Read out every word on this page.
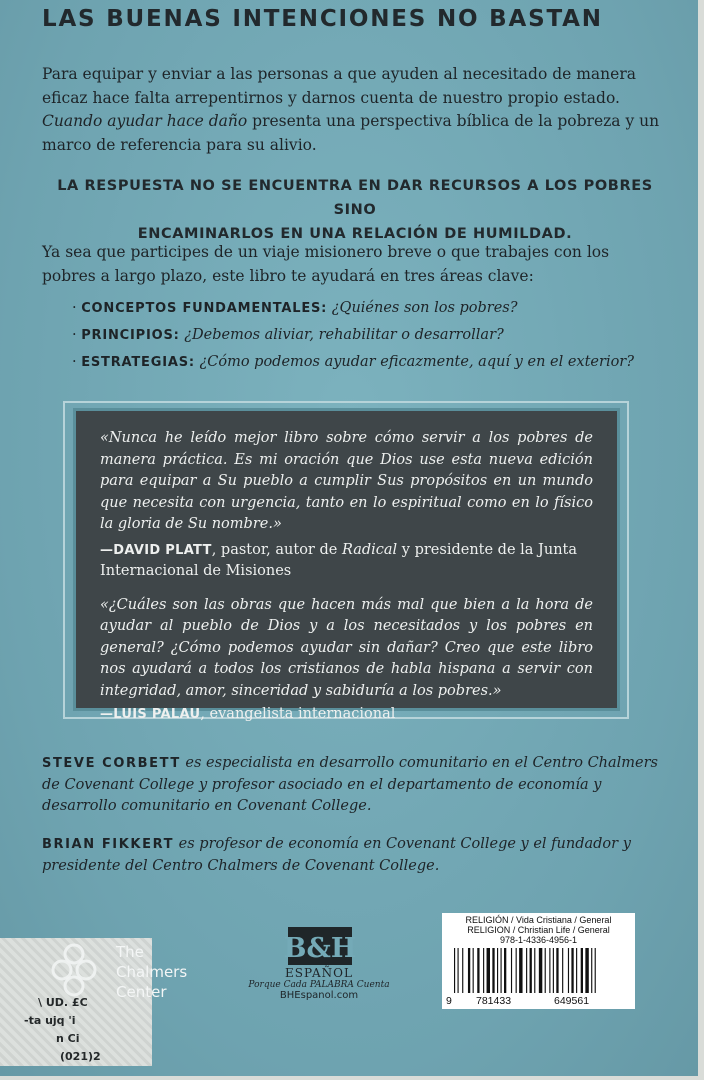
LAS BUENAS INTENCIONES NO BASTAN

Para equipar y enviar a las personas a que ayuden al necesitado de manera eficaz hace falta arrepentirnos y darnos cuenta de nuestro propio estado.
Cuando ayudar hace daño presenta una perspectiva bíblica de la pobreza y un marco de referencia para su alivio.

LA RESPUESTA NO SE ENCUENTRA EN DAR RECURSOS A LOS POBRES SINO
ENCAMINARLOS EN UNA RELACIÓN DE HUMILDAD.

Ya sea que participes de un viaje misionero breve o que trabajes con los pobres a largo plazo, este libro te ayudará en tres áreas clave:

· CONCEPTOS FUNDAMENTALES: ¿Quiénes son los pobres?
· PRINCIPIOS: ¿Debemos aliviar, rehabilitar o desarrollar?
· ESTRATEGIAS: ¿Cómo podemos ayudar eficazmente, aquí y en el exterior?

«Nunca he leído mejor libro sobre cómo servir a los pobres de manera práctica. Es mi oración que Dios use esta nueva edición para equipar a Su pueblo a cumplir Sus propósitos en un mundo que necesita con urgencia, tanto en lo espiritual como en lo físico la gloria de Su nombre.»

—DAVID PLATT, pastor, autor de Radical y presidente de la Junta Internacional de Misiones

«¿Cuáles son las obras que hacen más mal que bien a la hora de ayudar al pueblo de Dios y a los necesitados y los pobres en general? ¿Cómo podemos ayudar sin dañar? Creo que este libro nos ayudará a todos los cristianos de habla hispana a servir con integridad, amor, sinceridad y sabiduría a los pobres.»

—LUIS PALAU, evangelista internacional

STEVE CORBETT es especialista en desarrollo comunitario en el Centro Chalmers de Covenant College y profesor asociado en el departamento de economía y desarrollo comunitario en Covenant College.

BRIAN FIKKERT es profesor de economía en Covenant College y el fundador y presidente del Centro Chalmers de Covenant College.

\ UD. £C
-ta ujq 'i
n Ci
(021)2
The
Chalmers
Center
B&H
ESPAÑOL
Porque Cada PALABRA Cuenta
BHEspanol.com
RELIGIÓN / Vida Cristiana / General
RELIGION / Christian Life / General
978-1-4336-4956-1
9 781433	649561
